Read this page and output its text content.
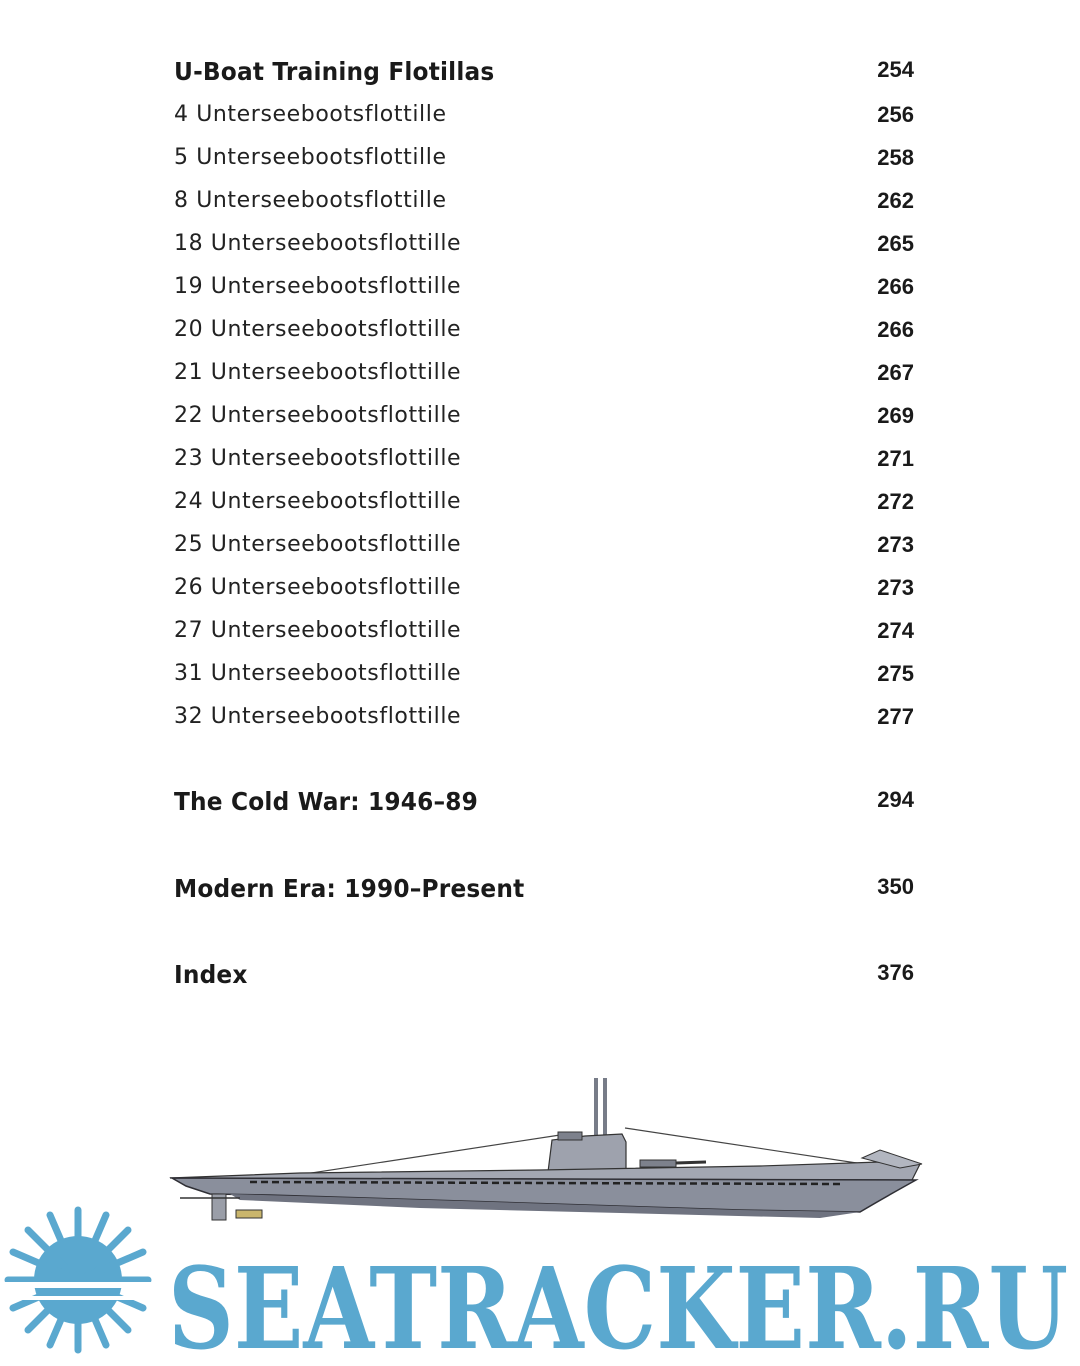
U-Boat Training Flotillas	254
4 Unterseebootsflottille	256
5 Unterseebootsflottille	258
8 Unterseebootsflottille	262
18 Unterseebootsflottille	265
19 Unterseebootsflottille	266
20 Unterseebootsflottille	266
21 Unterseebootsflottille	267
22 Unterseebootsflottille	269
23 Unterseebootsflottille	271
24 Unterseebootsflottille	272
25 Unterseebootsflottille	273
26 Unterseebootsflottille	273
27 Unterseebootsflottille	274
31 Unterseebootsflottille	275
32 Unterseebootsflottille	277
The Cold War: 1946–89	294
Modern Era: 1990–Present	350
Index	376
SEATRACKER.RU
